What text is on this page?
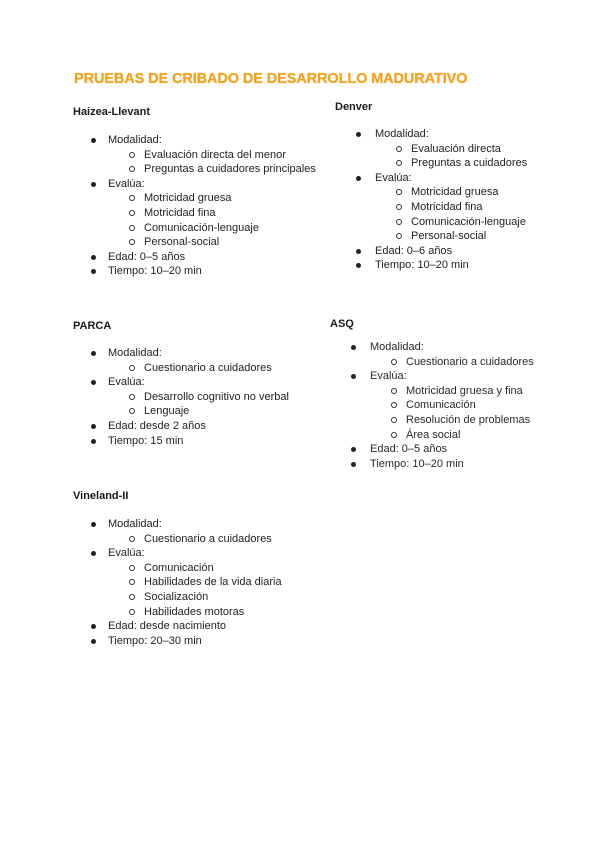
PRUEBAS DE CRIBADO DE DESARROLLO MADURATIVO
Haizea-Llevant
Modalidad:
Evaluación directa del menor
Preguntas a cuidadores principales
Evalúa:
Motricidad gruesa
Motricidad fina
Comunicación-lenguaje
Personal-social
Edad: 0–5 años
Tiempo: 10–20 min
Denver
Modalidad:
Evaluación directa
Preguntas a cuidadores
Evalúa:
Motricidad gruesa
Motricidad fina
Comunicación-lenguaje
Personal-social
Edad: 0–6 años
Tiempo: 10–20 min
PARCA
Modalidad:
Cuestionario a cuidadores
Evalúa:
Desarrollo cognitivo no verbal
Lenguaje
Edad: desde 2 años
Tiempo: 15 min
ASQ
Modalidad:
Cuestionario a cuidadores
Evalúa:
Motricidad gruesa y fina
Comunicación
Resolución de problemas
Área social
Edad: 0–5 años
Tiempo: 10–20 min
Vineland-II
Modalidad:
Cuestionario a cuidadores
Evalúa:
Comunicación
Habilidades de la vida diaria
Socialización
Habilidades motoras
Edad: desde nacimiento
Tiempo: 20–30 min
